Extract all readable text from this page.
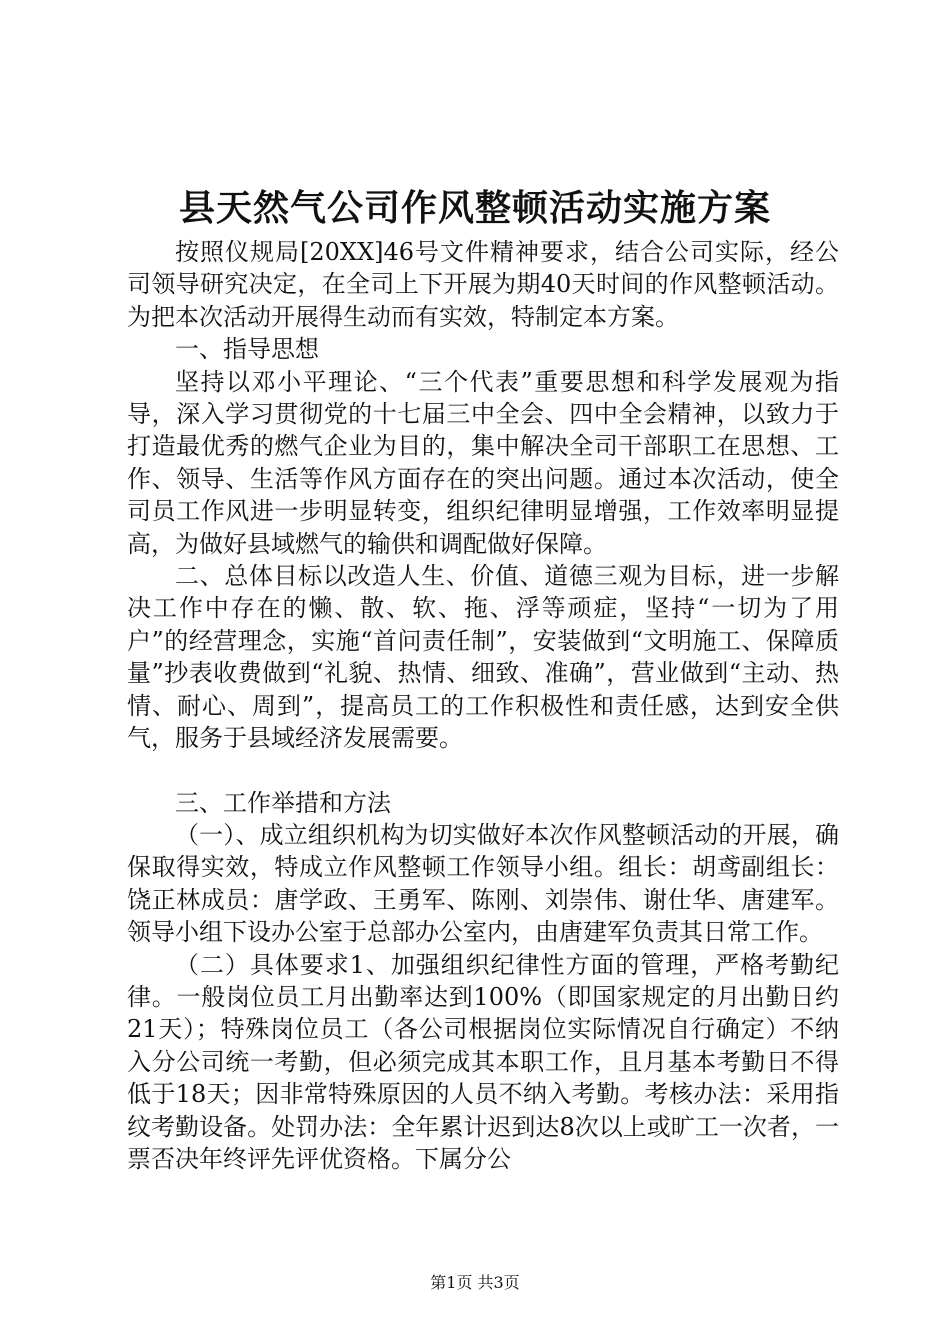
县天然气公司作风整顿活动实施方案

按照仪规局[20XX]46号文件精神要求，结合公司实际，经公司领导研究决定，在全司上下开展为期40天时间的作风整顿活动。为把本次活动开展得生动而有实效，特制定本方案。

一、指导思想

坚持以邓小平理论、“三个代表”重要思想和科学发展观为指导，深入学习贯彻党的十七届三中全会、四中全会精神，以致力于打造最优秀的燃气企业为目的，集中解决全司干部职工在思想、工作、领导、生活等作风方面存在的突出问题。通过本次活动，使全司员工作风进一步明显转变，组织纪律明显增强，工作效率明显提高，为做好县域燃气的输供和调配做好保障。

二、总体目标以改造人生、价值、道德三观为目标，进一步解决工作中存在的懒、散、软、拖、浮等顽症，坚持“一切为了用户”的经营理念，实施“首问责任制”，安装做到“文明施工、保障质量”抄表收费做到“礼貌、热情、细致、准确”，营业做到“主动、热情、耐心、周到”，提高员工的工作积极性和责任感，达到安全供气，服务于县域经济发展需要。

三、工作举措和方法

（一）、成立组织机构为切实做好本次作风整顿活动的开展，确保取得实效，特成立作风整顿工作领导小组。组长：胡鸢副组长：饶正林成员：唐学政、王勇军、陈刚、刘崇伟、谢仕华、唐建军。领导小组下设办公室于总部办公室内，由唐建军负责其日常工作。

（二）具体要求1、加强组织纪律性方面的管理，严格考勤纪律。一般岗位员工月出勤率达到100%（即国家规定的月出勤日约21天）；特殊岗位员工（各公司根据岗位实际情况自行确定）不纳入分公司统一考勤，但必须完成其本职工作，且月基本考勤日不得低于18天；因非常特殊原因的人员不纳入考勤。考核办法：采用指纹考勤设备。处罚办法：全年累计迟到达8次以上或旷工一次者，一票否决年终评先评优资格。下属分公

第1页 共3页
